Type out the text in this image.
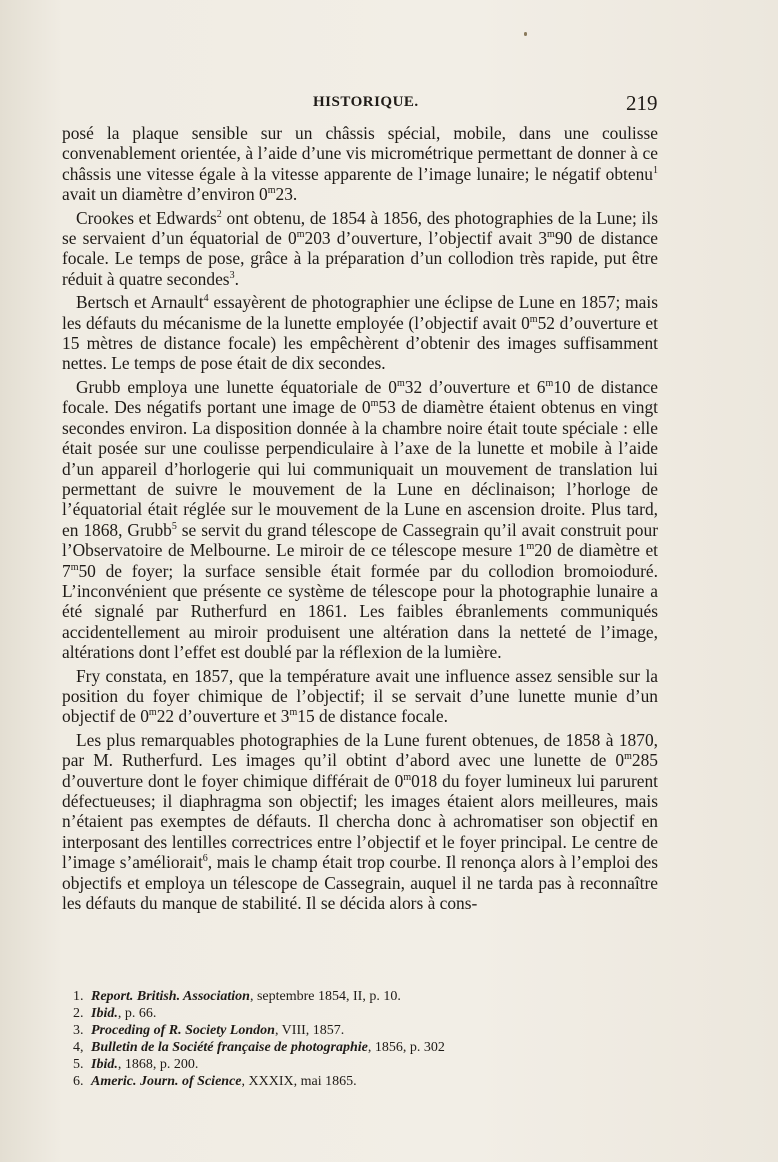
HISTORIQUE.	219

posé la plaque sensible sur un châssis spécial, mobile, dans une coulisse convenablement orientée, à l’aide d’une vis micrométrique permettant de donner à ce châssis une vitesse égale à la vitesse apparente de l’image lunaire; le négatif obtenu$^1$ avait un diamètre d’environ 0$^m$23.

Crookes et Edwards$^2$ ont obtenu, de 1854 à 1856, des photographies de la Lune; ils se servaient d’un équatorial de 0$^m$203 d’ouverture, l’objectif avait 3$^m$90 de distance focale. Le temps de pose, grâce à la préparation d’un collodion très rapide, put être réduit à quatre secondes$^3$.

Bertsch et Arnault$^4$ essayèrent de photographier une éclipse de Lune en 1857; mais les défauts du mécanisme de la lunette employée (l’objectif avait 0$^m$52 d’ouverture et 15 mètres de distance focale) les empêchèrent d’obtenir des images suffisamment nettes. Le temps de pose était de dix secondes.

Grubb employa une lunette équatoriale de 0$^m$32 d’ouverture et 6$^m$10 de distance focale. Des négatifs portant une image de 0$^m$53 de diamètre étaient obtenus en vingt secondes environ. La disposition donnée à la chambre noire était toute spéciale : elle était posée sur une coulisse perpendiculaire à l’axe de la lunette et mobile à l’aide d’un appareil d’horlogerie qui lui communiquait un mouvement de translation lui permettant de suivre le mouvement de la Lune en déclinaison; l’horloge de l’équatorial était réglée sur le mouvement de la Lune en ascension droite. Plus tard, en 1868, Grubb$^5$ se servit du grand télescope de Cassegrain qu’il avait construit pour l’Observatoire de Melbourne. Le miroir de ce télescope mesure 1$^m$20 de diamètre et 7$^m$50 de foyer; la surface sensible était formée par du collodion bromoioduré. L’inconvénient que présente ce système de télescope pour la photographie lunaire a été signalé par Rutherfurd en 1861. Les faibles ébranlements communiqués accidentellement au miroir produisent une altération dans la netteté de l’image, altérations dont l’effet est doublé par la réflexion de la lumière.

Fry constata, en 1857, que la température avait une influence assez sensible sur la position du foyer chimique de l’objectif; il se servait d’une lunette munie d’un objectif de 0$^m$22 d’ouverture et 3$^m$15 de distance focale.

Les plus remarquables photographies de la Lune furent obtenues, de 1858 à 1870, par M. Rutherfurd. Les images qu’il obtint d’abord avec une lunette de 0$^m$285 d’ouverture dont le foyer chimique différait de 0$^m$018 du foyer lumineux lui parurent défectueuses; il diaphragma son objectif; les images étaient alors meilleures, mais n’étaient pas exemptes de défauts. Il chercha donc à achromatiser son objectif en interposant des lentilles correctrices entre l’objectif et le foyer principal. Le centre de l’image s’améliorait$^6$, mais le champ était trop courbe. Il renonça alors à l’emploi des objectifs et employa un télescope de Cassegrain, auquel il ne tarda pas à reconnaître les défauts du manque de stabilité. Il se décida alors à cons-

1. Report. British. Association, septembre 1854, II, p. 10.
2. Ibid., p. 66.
3. Proceding of R. Society London, VIII, 1857.
4, Bulletin de la Société française de photographie, 1856, p. 302
5. Ibid., 1868, p. 200.
6. Americ. Journ. of Science, XXXIX, mai 1865.
